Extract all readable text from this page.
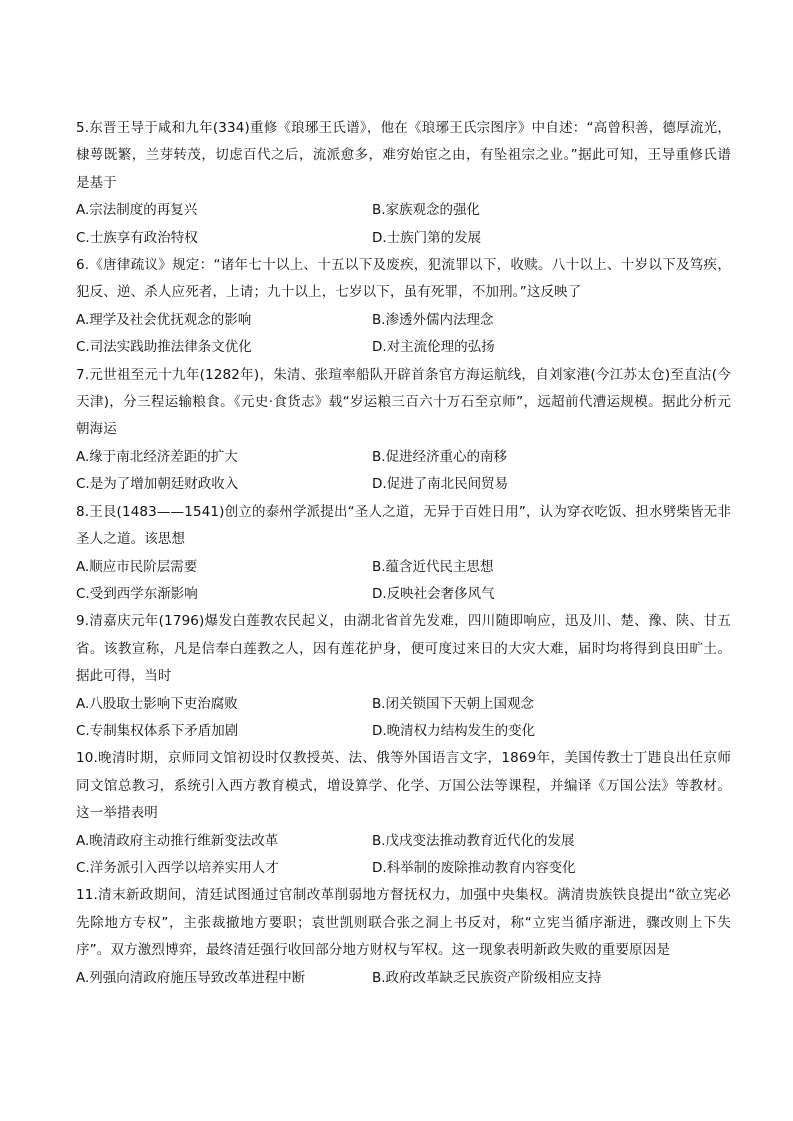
5.东晋王导于咸和九年(334)重修《琅琊王氏谱》，他在《琅琊王氏宗图序》中自述：“高曾积善，德厚流光，棣萼既繁，兰芽转茂，切虑百代之后，流派愈多，难穷始宦之由，有坠祖宗之业。”据此可知，王导重修氏谱是基于

A.宗法制度的再复兴	B.家族观念的强化
C.士族享有政治特权	D.士族门第的发展

6.《唐律疏议》规定：“诸年七十以上、十五以下及废疾，犯流罪以下，收赎。八十以上、十岁以下及笃疾，犯反、逆、杀人应死者，上请；九十以上，七岁以下，虽有死罪，不加刑。”这反映了

A.理学及社会优抚观念的影响	B.渗透外儒内法理念
C.司法实践助推法律条文优化	D.对主流伦理的弘扬

7.元世祖至元十九年(1282年)，朱清、张瑄率船队开辟首条官方海运航线，自刘家港(今江苏太仓)至直沽(今天津)，分三程运输粮食。《元史·食货志》载“岁运粮三百六十万石至京师”，远超前代漕运规模。据此分析元朝海运

A.缘于南北经济差距的扩大	B.促进经济重心的南移
C.是为了增加朝廷财政收入	D.促进了南北民间贸易

8.王艮(1483——1541)创立的泰州学派提出“圣人之道，无异于百姓日用”，认为穿衣吃饭、担水劈柴皆无非圣人之道。该思想

A.顺应市民阶层需要	B.蕴含近代民主思想
C.受到西学东渐影响	D.反映社会奢侈风气

9.清嘉庆元年(1796)爆发白莲教农民起义，由湖北省首先发难，四川随即响应，迅及川、楚、豫、陕、甘五省。该教宣称，凡是信奉白莲教之人，因有莲花护身，便可度过来日的大灾大难，届时均将得到良田旷土。据此可得，当时

A.八股取士影响下吏治腐败	B.闭关锁国下天朝上国观念
C.专制集权体系下矛盾加剧	D.晚清权力结构发生的变化

10.晚清时期，京师同文馆初设时仅教授英、法、俄等外国语言文字，1869年，美国传教士丁韪良出任京师同文馆总教习，系统引入西方教育模式，增设算学、化学、万国公法等课程，并编译《万国公法》等教材。这一举措表明

A.晚清政府主动推行维新变法改革	B.戊戌变法推动教育近代化的发展
C.洋务派引入西学以培养实用人才	D.科举制的废除推动教育内容变化

11.清末新政期间，清廷试图通过官制改革削弱地方督抚权力，加强中央集权。满清贵族铁良提出“欲立宪必先除地方专权”，主张裁撤地方要职；袁世凯则联合张之洞上书反对，称“立宪当循序渐进，骤改则上下失序”。双方激烈博弈，最终清廷强行收回部分地方财权与军权。这一现象表明新政失败的重要原因是

A.列强向清政府施压导致改革进程中断	B.政府改革缺乏民族资产阶级相应支持
